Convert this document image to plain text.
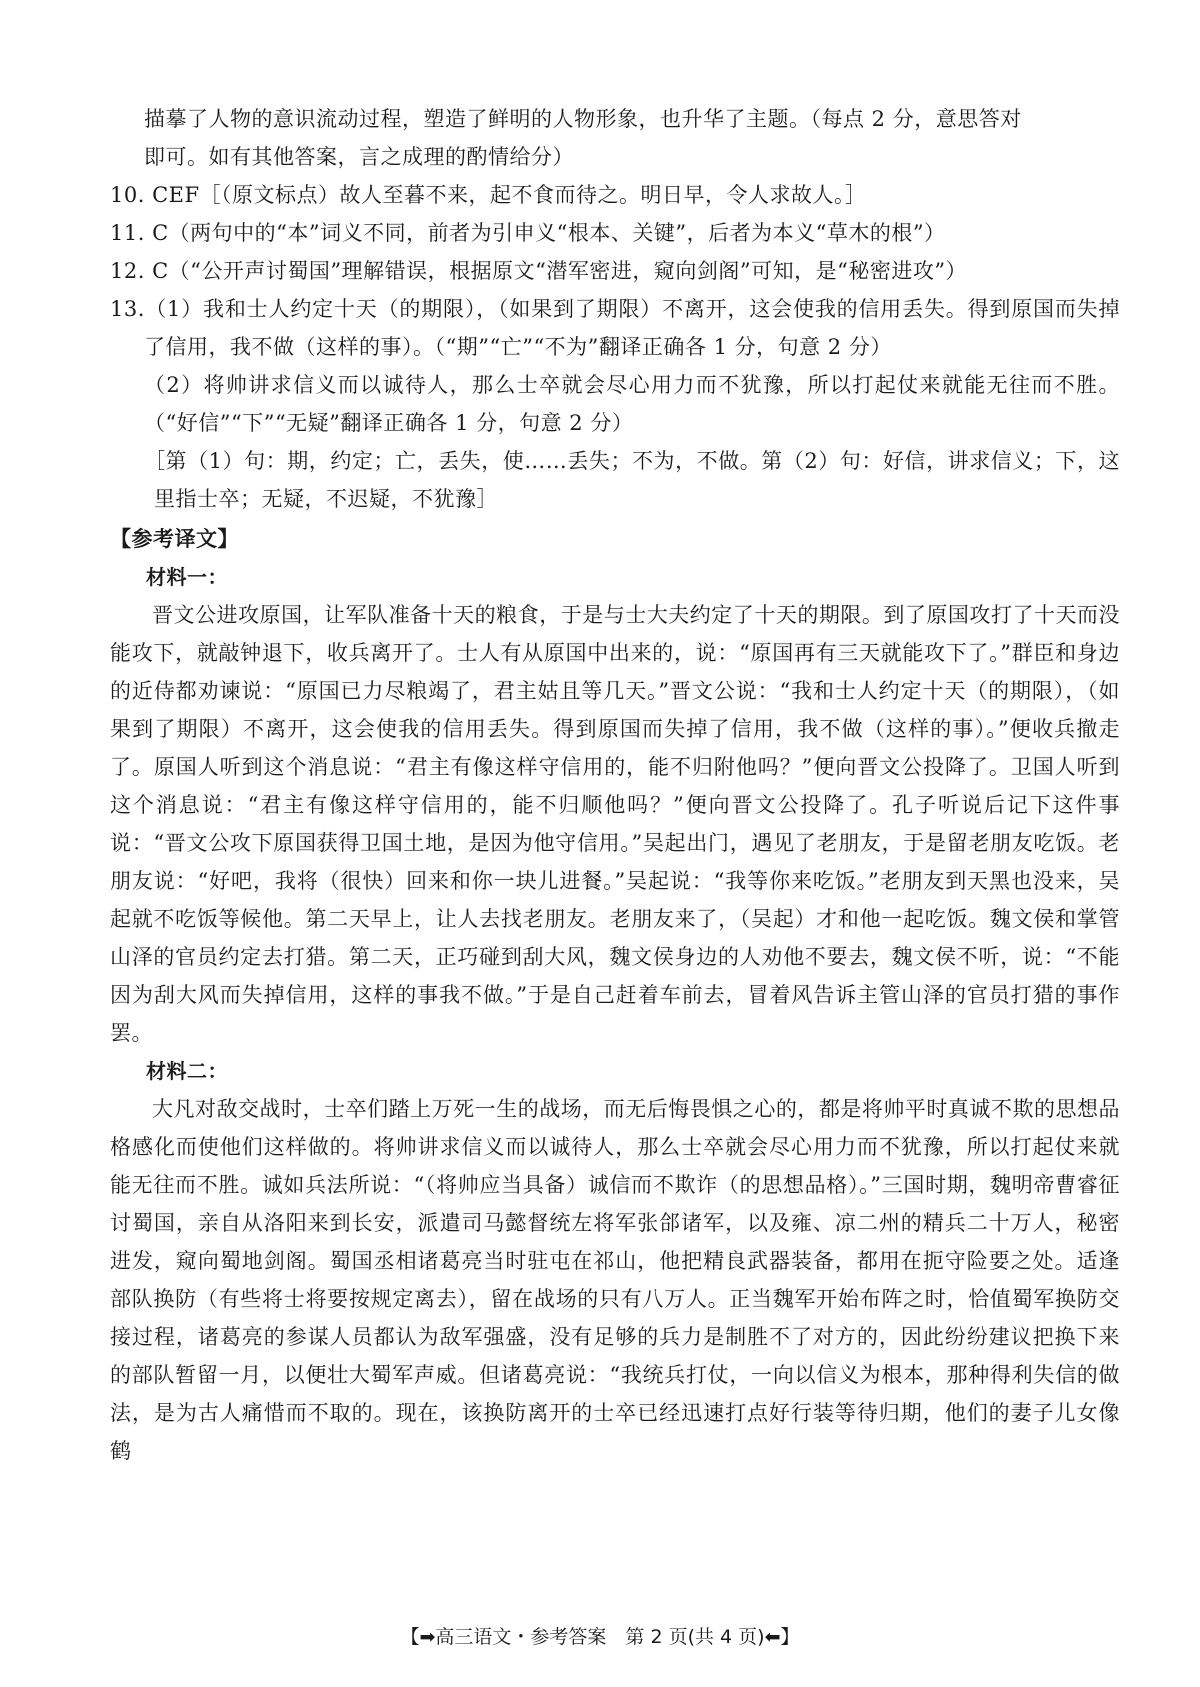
描摹了人物的意识流动过程，塑造了鲜明的人物形象，也升华了主题。（每点 2 分，意思答对

即可。如有其他答案，言之成理的酌情给分）

10. CEF［（原文标点）故人至暮不来，起不食而待之。明日早，令人求故人。］

11. C（两句中的“本”词义不同，前者为引申义“根本、关键”，后者为本义“草木的根”）

12. C（“公开声讨蜀国”理解错误，根据原文“潜军密进，窥向剑阁”可知，是“秘密进攻”）

13.（1）我和士人约定十天（的期限），（如果到了期限）不离开，这会使我的信用丢失。得到原国而失掉了信用，我不做（这样的事）。（“期”“亡”“不为”翻译正确各 1 分，句意 2 分）

（2）将帅讲求信义而以诚待人，那么士卒就会尽心用力而不犹豫，所以打起仗来就能无往而不胜。（“好信”“下”“无疑”翻译正确各 1 分，句意 2 分）

［第（1）句：期，约定；亡，丢失，使……丢失；不为，不做。第（2）句：好信，讲求信义；下，这里指士卒；无疑，不迟疑，不犹豫］

【参考译文】

材料一：

晋文公进攻原国，让军队准备十天的粮食，于是与士大夫约定了十天的期限。到了原国攻打了十天而没能攻下，就敲钟退下，收兵离开了。士人有从原国中出来的，说：“原国再有三天就能攻下了。”群臣和身边的近侍都劝谏说：“原国已力尽粮竭了，君主姑且等几天。”晋文公说：“我和士人约定十天（的期限），（如果到了期限）不离开，这会使我的信用丢失。得到原国而失掉了信用，我不做（这样的事）。”便收兵撤走了。原国人听到这个消息说：“君主有像这样守信用的，能不归附他吗？”便向晋文公投降了。卫国人听到这个消息说：“君主有像这样守信用的，能不归顺他吗？”便向晋文公投降了。孔子听说后记下这件事说：“晋文公攻下原国获得卫国土地，是因为他守信用。”吴起出门，遇见了老朋友，于是留老朋友吃饭。老朋友说：“好吧，我将（很快）回来和你一块儿进餐。”吴起说：“我等你来吃饭。”老朋友到天黑也没来，吴起就不吃饭等候他。第二天早上，让人去找老朋友。老朋友来了，（吴起）才和他一起吃饭。魏文侯和掌管山泽的官员约定去打猎。第二天，正巧碰到刮大风，魏文侯身边的人劝他不要去，魏文侯不听，说：“不能因为刮大风而失掉信用，这样的事我不做。”于是自己赶着车前去，冒着风告诉主管山泽的官员打猎的事作罢。

材料二：

大凡对敌交战时，士卒们踏上万死一生的战场，而无后悔畏惧之心的，都是将帅平时真诚不欺的思想品格感化而使他们这样做的。将帅讲求信义而以诚待人，那么士卒就会尽心用力而不犹豫，所以打起仗来就能无往而不胜。诚如兵法所说：“（将帅应当具备）诚信而不欺诈（的思想品格）。”三国时期，魏明帝曹睿征讨蜀国，亲自从洛阳来到长安，派遣司马懿督统左将军张郃诸军，以及雍、凉二州的精兵二十万人，秘密进发，窥向蜀地剑阁。蜀国丞相诸葛亮当时驻屯在祁山，他把精良武器装备，都用在扼守险要之处。适逢部队换防（有些将士将要按规定离去），留在战场的只有八万人。正当魏军开始布阵之时，恰值蜀军换防交接过程，诸葛亮的参谋人员都认为敌军强盛，没有足够的兵力是制胜不了对方的，因此纷纷建议把换下来的部队暂留一月，以便壮大蜀军声威。但诸葛亮说：“我统兵打仗，一向以信义为根本，那种得利失信的做法，是为古人痛惜而不取的。现在，该换防离开的士卒已经迅速打点好行装等待归期，他们的妻子儿女像鹤

【➡高三语文・参考答案　第 2 页(共 4 页)⬅】
